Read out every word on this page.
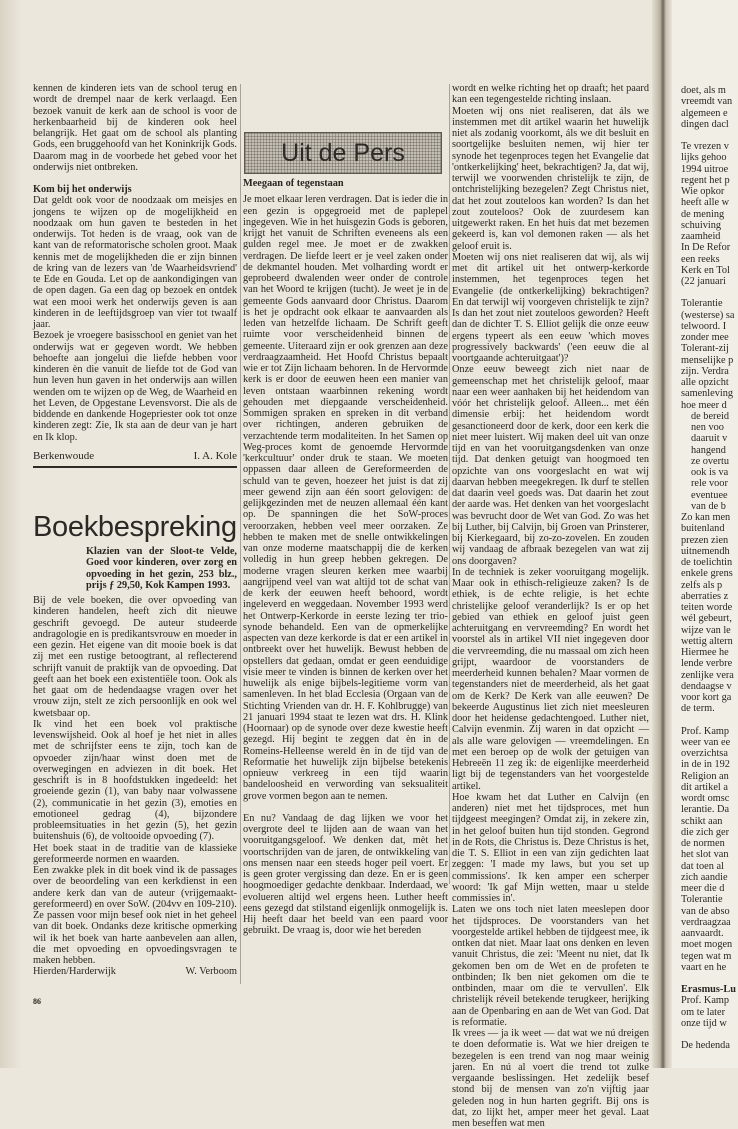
kennen de kinderen iets van de school terug en wordt de drempel naar de kerk verlaagd. Een bezoek vanuit de kerk aan de school is voor de herkenbaarheid bij de kinderen ook heel belangrijk. Het gaat om de school als planting Gods, een bruggehoofd van het Koninkrijk Gods. Daarom mag in de voorbede het gebed voor het onderwijs niet ontbreken.

Kom bij het onderwijs

Dat geldt ook voor de noodzaak om meisjes en jongens te wijzen op de mogelijkheid en noodzaak om hun gaven te besteden in het onderwijs. Tot heden is de vraag, ook van de kant van de reformatorische scholen groot. Maak kennis met de mogelijkheden die er zijn binnen de kring van de lezers van 'de Waarheidsvriend' te Ede en Gouda. Let op de aankondigingen van de open dagen. Ga een dag op bezoek en ontdek wat een mooi werk het onderwijs geven is aan kinderen in de leeftijdsgroep van vier tot twaalf jaar.

Bezoek je vroegere basisschool en geniet van het onderwijs wat er gegeven wordt. We hebben behoefte aan jongelui die liefde hebben voor kinderen èn die vanuit de liefde tot de God van hun leven hun gaven in het onderwijs aan willen wenden om te wijzen op de Weg, de Waarheid en het Leven, de Opgestane Levensvorst. Die als de biddende en dankende Hogepriester ook tot onze kinderen zegt: Zie, Ik sta aan de deur van je hart en Ik klop.

Berkenwoude	I. A. Kole
Boekbespreking

Klazien van der Sloot-te Velde, Goed voor kinderen, over zorg en opvoeding in het gezin, 253 blz., prijs ƒ 29,50, Kok Kampen 1993.

Bij de vele boeken, die over opvoeding van kinderen handelen, heeft zich dit nieuwe geschrift gevoegd. De auteur studeerde andragologie en is predikantsvrouw en moeder in een gezin. Het eigene van dit mooie boek is dat zij met een rustige betoogtrant, al reflecterend schrijft vanuit de praktijk van de opvoeding. Dat geeft aan het boek een existentiële toon. Ook als het gaat om de hedendaagse vragen over het vrouw zijn, stelt ze zich persoonlijk en ook wel kwetsbaar op.

Ik vind het een boek vol praktische levenswijsheid. Ook al hoef je het niet in alles met de schrijfster eens te zijn, toch kan de opvoeder zijn/haar winst doen met de overwegingen en adviezen in dit boek. Het geschrift is in 8 hoofdstukken ingedeeld: het groeiende gezin (1), van baby naar volwassene (2), communicatie in het gezin (3), emoties en emotioneel gedrag (4), bijzondere probleemsituaties in het gezin (5), het gezin buitenshuis (6), de voltooide opvoeding (7).

Het boek staat in de traditie van de klassieke gereformeerde normen en waarden.

Een zwakke plek in dit boek vind ik de passages over de beoordeling van een kerkdienst in een andere kerk dan van de auteur (vrijgemaakt-gereformeerd) en over SoW. (204vv en 109-210).

Ze passen voor mijn besef ook niet in het geheel van dit boek. Ondanks deze kritische opmerking wil ik het boek van harte aanbevelen aan allen, die met opvoeding en opvoedingsvragen te maken hebben.

Hierden/Harderwijk	W. Verboom
86
Uit de Pers

Meegaan of tegenstaan

Je moet elkaar leren verdragen. Dat is ieder die in een gezin is opgegroeid met de paplepel ingegeven. Wie in het huisgezin Gods is geboren, krijgt het vanuit de Schriften eveneens als een gulden regel mee. Je moet er de zwakken verdragen. De liefde leert er je veel zaken onder de dekmantel houden. Met volharding wordt er geprobeerd dwalenden weer onder de controle van het Woord te krijgen (tucht). Je weet je in de gemeente Gods aanvaard door Christus. Daarom is het je opdracht ook elkaar te aanvaarden als leden van hetzelfde lichaam. De Schrift geeft ruimte voor verscheidenheid binnen de gemeente. Uiteraard zijn er ook grenzen aan deze verdraagzaamheid. Het Hoofd Christus bepaalt wie er tot Zijn lichaam behoren. In de Hervormde kerk is er door de eeuwen heen een manier van leven ontstaan waarbinnen rekening wordt gehouden met diepgaande verscheidenheid. Sommigen spraken en spreken in dit verband over richtingen, anderen gebruiken de verzachtende term modaliteiten. In het Samen op Weg-proces komt de genoemde Hervormde 'kerkcultuur' onder druk te staan. We moeten oppassen daar alleen de Gereformeerden de schuld van te geven, hoezeer het juist is dat zij meer gewend zijn aan één soort gelovigen: de gelijkgezinden met de neuzen allemaal één kant op. De spanningen die het SoW-proces veroorzaken, hebben veel meer oorzaken. Ze hebben te maken met de snelle ontwikkelingen van onze moderne maatschappij die de kerken volledig in hun greep hebben gekregen. De moderne vragen sleuren kerken mee waarbij aangrijpend veel van wat altijd tot de schat van de kerk der eeuwen heeft behoord, wordt ingeleverd en weggedaan. November 1993 werd het Ontwerp-Kerkorde in eerste lezing ter trio-synode behandeld. Een van de opmerkelijke aspecten van deze kerkorde is dat er een artikel in ontbreekt over het huwelijk. Bewust hebben de opstellers dat gedaan, omdat er geen eenduidige visie meer te vinden is binnen de kerken over het huwelijk als enige bijbels-legitieme vorm van samenleven. In het blad Ecclesia (Orgaan van de Stichting Vrienden van dr. H. F. Kohlbrugge) van 21 januari 1994 staat te lezen wat drs. H. Klink (Hoornaar) op de synode over deze kwestie heeft gezegd. Hij begint te zeggen dat èn in de Romeins-Helleense wereld èn in de tijd van de Reformatie het huwelijk zijn bijbelse betekenis opnieuw verkreeg in een tijd waarin bandeloosheid en verwording van seksualiteit grove vormen begon aan te nemen.

En nu? Vandaag de dag lijken we voor het overgrote deel te lijden aan de waan van het vooruitgangsgeloof. We denken dat, mèt het voortschrijden van de jaren, de ontwikkeling van ons mensen naar een steeds hoger peil voert. Er is geen groter vergissing dan deze. En er is geen hoogmoediger gedachte denkbaar. Inderdaad, we evolueren altijd wel ergens heen. Luther heeft eens gezegd dat stilstand eigenlijk onmogelijk is. Hij heeft daar het beeld van een paard voor gebruikt. De vraag is, door wie het bereden

wordt en welke richting het op draaft; het paard kan een tegengestelde richting inslaan.

Moeten wij ons niet realiseren, dat áls we instemmen met dit artikel waarin het huwelijk niet als zodanig voorkomt, áls we dit besluit en soortgelijke besluiten nemen, wij hier ter synode het tegenproces tegen het Evangelie dat 'ontkerkelijking' heet, bekrachtigen? Ja, dat wij, terwijl we voorwenden christelijk te zijn, de ontchristelijking bezegelen? Zegt Christus niet, dat het zout zouteloos kan worden? Is dan het zout zouteloos? Ook de zuurdesem kan uitgewerkt raken. En het huis dat met bezemen gekeerd is, kan vol demonen raken — als het geloof eruit is.

Moeten wij ons niet realiseren dat wij, als wij met dit artikel uit het ontwerp-kerkorde instemmen, het tegenproces tegen het Evangelie (de ontkerkelijking) bekrachtigen? En dat terwijl wij voorgeven christelijk te zijn? Is dan het zout niet zouteloos geworden? Heeft dan de dichter T. S. Elliot gelijk die onze eeuw ergens typeert als een eeuw 'which moves progressively backwards' ('een eeuw die al voortgaande achteruitgaat')?

Onze eeuw beweegt zich niet naar de gemeenschap met het christelijk geloof, maar naar een weer aanhaken bij het heidendom van vóór het christelijk geloof. Alleen... met één dimensie erbij: het heidendom wordt gesanctioneerd door de kerk, door een kerk die niet meer luistert. Wij maken deel uit van onze tijd en van het vooruitgangsdenken van onze tijd. Dat denken getuigt van hoogmoed ten opzichte van ons voorgeslacht en wat wij daarvan hebben meegekregen. Ik durf te stellen dat daarin veel goeds was. Dat daarin het zout der aarde was. Het denken van het voorgeslacht was bevrucht door de Wet van God. Zo was het bij Luther, bij Calvijn, bij Groen van Prinsterer, bij Kierkegaard, bij zo-zo-zovelen. En zouden wij vandaag de afbraak bezegelen van wat zij ons doorgaven?

In de techniek is zeker vooruitgang mogelijk. Maar ook in ethisch-religieuze zaken? Is de ethiek, is de echte religie, is het echte christelijke geloof veranderlijk? Is er op het gebied van ethiek en geloof juist geen achteruitgang en vervreemding? En wordt het voorstel als in artikel VII niet ingegeven door die vervreemding, die nu massaal om zich heen grijpt, waardoor de voorstanders de meerderheid kunnen behalen? Maar vormen de tegenstanders niet de meerderheid, als het gaat om de Kerk? De Kerk van alle eeuwen? De bekeerde Augustinus liet zich niet meesleuren door het heidense gedachtengoed. Luther niet, Calvijn evenmin. Zij waren in dat opzicht — als alle ware gelovigen — vreemdelingen. En met een beroep op de wolk der getuigen van Hebreeën 11 zeg ik: de eigenlijke meerderheid ligt bij de tegenstanders van het voorgestelde artikel.

Hoe kwam het dat Luther en Calvijn (en anderen) niet met het tijdsproces, met hun tijdgeest meegingen? Omdat zij, in zekere zin, in het geloof buiten hun tijd stonden. Gegrond in de Rots, die Christus is. Deze Christus is het, die T. S. Elliot in een van zijn gedichten laat zeggen: 'I made my laws, but you set up commissions'. Ik ken amper een scherper woord: 'Ik gaf Mijn wetten, maar u stelde commissies in'.

Laten we ons toch niet laten meeslepen door het tijdsproces. De voorstanders van het voorgestelde artikel hebben de tijdgeest mee, ik ontken dat niet. Maar laat ons denken en leven vanuit Christus, die zei: 'Meent nu niet, dat Ik gekomen ben om de Wet en de profeten te ontbinden; Ik ben niet gekomen om die te ontbinden, maar om die te vervullen'. Elk christelijk réveil betekende terugkeer, herijking aan de Openbaring en aan de Wet van God. Dat is reformatie.

Ik vrees — ja ik weet — dat wat we nú dreigen te doen deformatie is. Wat we hier dreigen te bezegelen is een trend van nog maar weinig jaren. En nú al voert die trend tot zulke vergaande beslissingen. Het zedelijk besef stond bij de mensen van zo'n vijftig jaar geleden nog in hun harten gegrift. Bij ons is dat, zo lijkt het, amper meer het geval. Laat men beseffen wat men

doet, als m
vreemdt van
algemeen e
dingen dacl
Te vrezen v
lijks gehoo
1994 uitroe
regent het p
Wie opkor
heeft alle w
de mening
schuiving
zaamheid
In De Refor
een reeks
Kerk en Tol
(22 januari
Tolerantie
(westerse) sa
telwoord. I
zonder mee
Tolerant-zij
menselijke p
zijn. Verdra
alle opzicht
samenleving
hoe meer d
de bereid
nen voo
daaruit v
hangend
ze overtu
ook is va
rele voor
eventuee
van de b
Zo kan men
buitenland
prezen zien
uitnemendh
de toelichtin
enkele grens
zelfs als p
aberraties z
teiten worde
wél gebeurt,
wijze van le
wettig altern
Hiermee he
lende verbre
zenlijke vera
dendaagse v
voor kort ga
de term.
Prof. Kamp
weer van ee
overzichtsa
in de in 192
Religion an
dit artikel a
wordt omsc
lerantie. Da
schikt aan
die zich ger
de normen
het slot van
dat toen al
zich aandie
meer die d
Tolerantie
van de abso
verdraagzaa
aanvaardt.
moet mogen
tegen wat m
vaart en he
Erasmus-Lu
Prof. Kamp
om te later
onze tijd w
De hedenda
